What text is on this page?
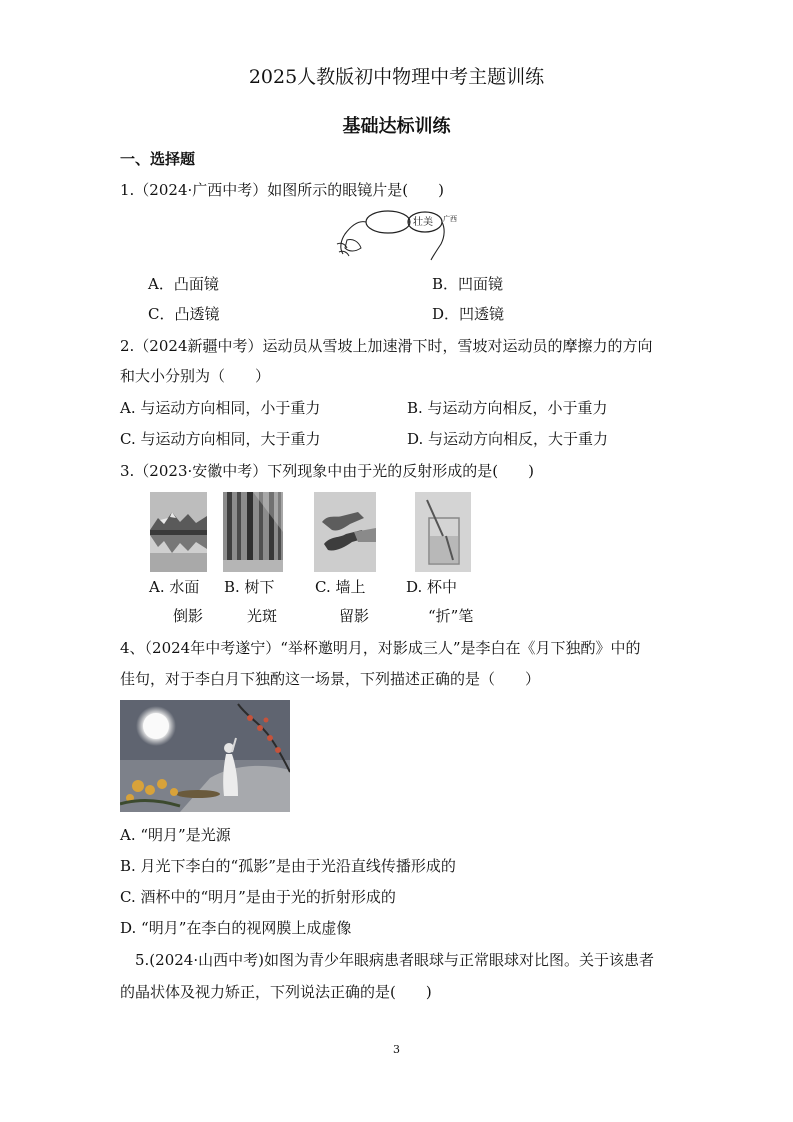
2025人教版初中物理中考主题训练
基础达标训练
一、选择题
1.（2024·广西中考）如图所示的眼镜片是(　　)
壮美 广西
A．凸面镜	B．凹面镜
C．凸透镜	D．凹透镜
2.（2024新疆中考）运动员从雪坡上加速滑下时，雪坡对运动员的摩擦力的方向
和大小分别为（　　）
A. 与运动方向相同，小于重力	B. 与运动方向相反，小于重力
C. 与运动方向相同，大于重力	D. 与运动方向相反，大于重力
3.（2023·安徽中考）下列现象中由于光的反射形成的是(　　)
A. 水面 B. 树下	C. 墙上	D. 杯中
倒影	光斑	留影	“折”笔
4、（2024年中考遂宁）“举杯邀明月，对影成三人”是李白在《月下独酌》中的
佳句，对于李白月下独酌这一场景，下列描述正确的是（　　）
A. “明月”是光源
B. 月光下李白的“孤影”是由于光沿直线传播形成的
C. 酒杯中的“明月”是由于光的折射形成的
D. “明月”在李白的视网膜上成虚像
5.(2024·山西中考)如图为青少年眼病患者眼球与正常眼球对比图。关于该患者
的晶状体及视力矫正，下列说法正确的是(　　)
3
